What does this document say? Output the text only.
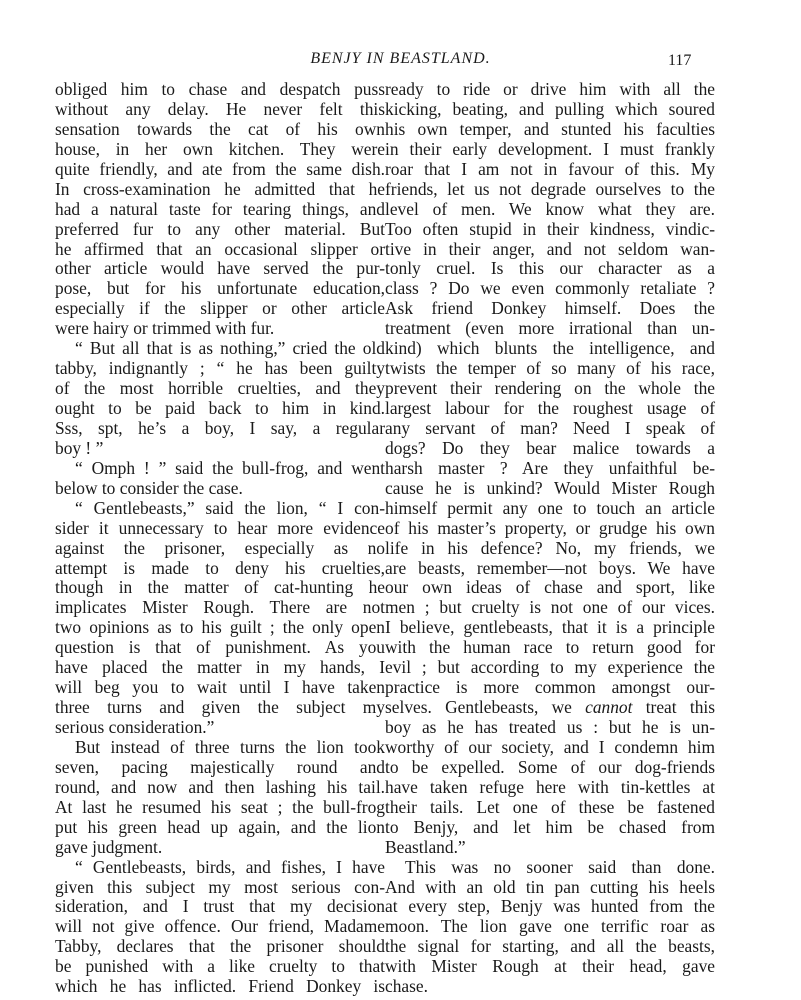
BENJY IN BEASTLAND.	117
obliged him to chase and despatch puss
without any delay. He never felt this
sensation towards the cat of his own
house, in her own kitchen. They were
quite friendly, and ate from the same dish.
In cross-examination he admitted that he
had a natural taste for tearing things, and
preferred fur to any other material. But
he affirmed that an occasional slipper or
other article would have served the pur-
pose, but for his unfortunate education,
especially if the slipper or other article
were hairy or trimmed with fur.
“ But all that is as nothing,” cried the old
tabby, indignantly ; “ he has been guilty
of the most horrible cruelties, and they
ought to be paid back to him in kind.
Sss, spt, he’s a boy, I say, a regular
boy ! ”
“ Omph ! ” said the bull-frog, and went
below to consider the case.
“ Gentlebeasts,” said the lion, “ I con-
sider it unnecessary to hear more evidence
against the prisoner, especially as no
attempt is made to deny his cruelties,
though in the matter of cat-hunting he
implicates Mister Rough. There are not
two opinions as to his guilt ; the only open
question is that of punishment. As you
have placed the matter in my hands, I
will beg you to wait until I have taken
three turns and given the subject my
serious consideration.”
But instead of three turns the lion took
seven, pacing majestically round and
round, and now and then lashing his tail.
At last he resumed his seat ; the bull-frog
put his green head up again, and the lion
gave judgment.
“ Gentlebeasts, birds, and fishes, I have
given this subject my most serious con-
sideration, and I trust that my decision
will not give offence. Our friend, Madame
Tabby, declares that the prisoner should
be punished with a like cruelty to that
which he has inflicted. Friend Donkey is
ready to ride or drive him with all the
kicking, beating, and pulling which soured
his own temper, and stunted his faculties
in their early development. I must frankly
roar that I am not in favour of this. My
friends, let us not degrade ourselves to the
level of men. We know what they are.
Too often stupid in their kindness, vindic-
tive in their anger, and not seldom wan-
tonly cruel. Is this our character as a
class ? Do we even commonly retaliate ?
Ask friend Donkey himself. Does the
treatment (even more irrational than un-
kind) which blunts the intelligence, and
twists the temper of so many of his race,
prevent their rendering on the whole the
largest labour for the roughest usage of
any servant of man? Need I speak of
dogs? Do they bear malice towards a
harsh master ? Are they unfaithful be-
cause he is unkind? Would Mister Rough
himself permit any one to touch an article
of his master’s property, or grudge his own
life in his defence? No, my friends, we
are beasts, remember—not boys. We have
our own ideas of chase and sport, like
men ; but cruelty is not one of our vices.
I believe, gentlebeasts, that it is a principle
with the human race to return good for
evil ; but according to my experience the
practice is more common amongst our-
selves. Gentlebeasts, we cannot treat this
boy as he has treated us : but he is un-
worthy of our society, and I condemn him
to be expelled. Some of our dog-friends
have taken refuge here with tin-kettles at
their tails. Let one of these be fastened
to Benjy, and let him be chased from
Beastland.”
This was no sooner said than done.
And with an old tin pan cutting his heels
at every step, Benjy was hunted from the
moon. The lion gave one terrific roar as
the signal for starting, and all the beasts,
with Mister Rough at their head, gave
chase.
